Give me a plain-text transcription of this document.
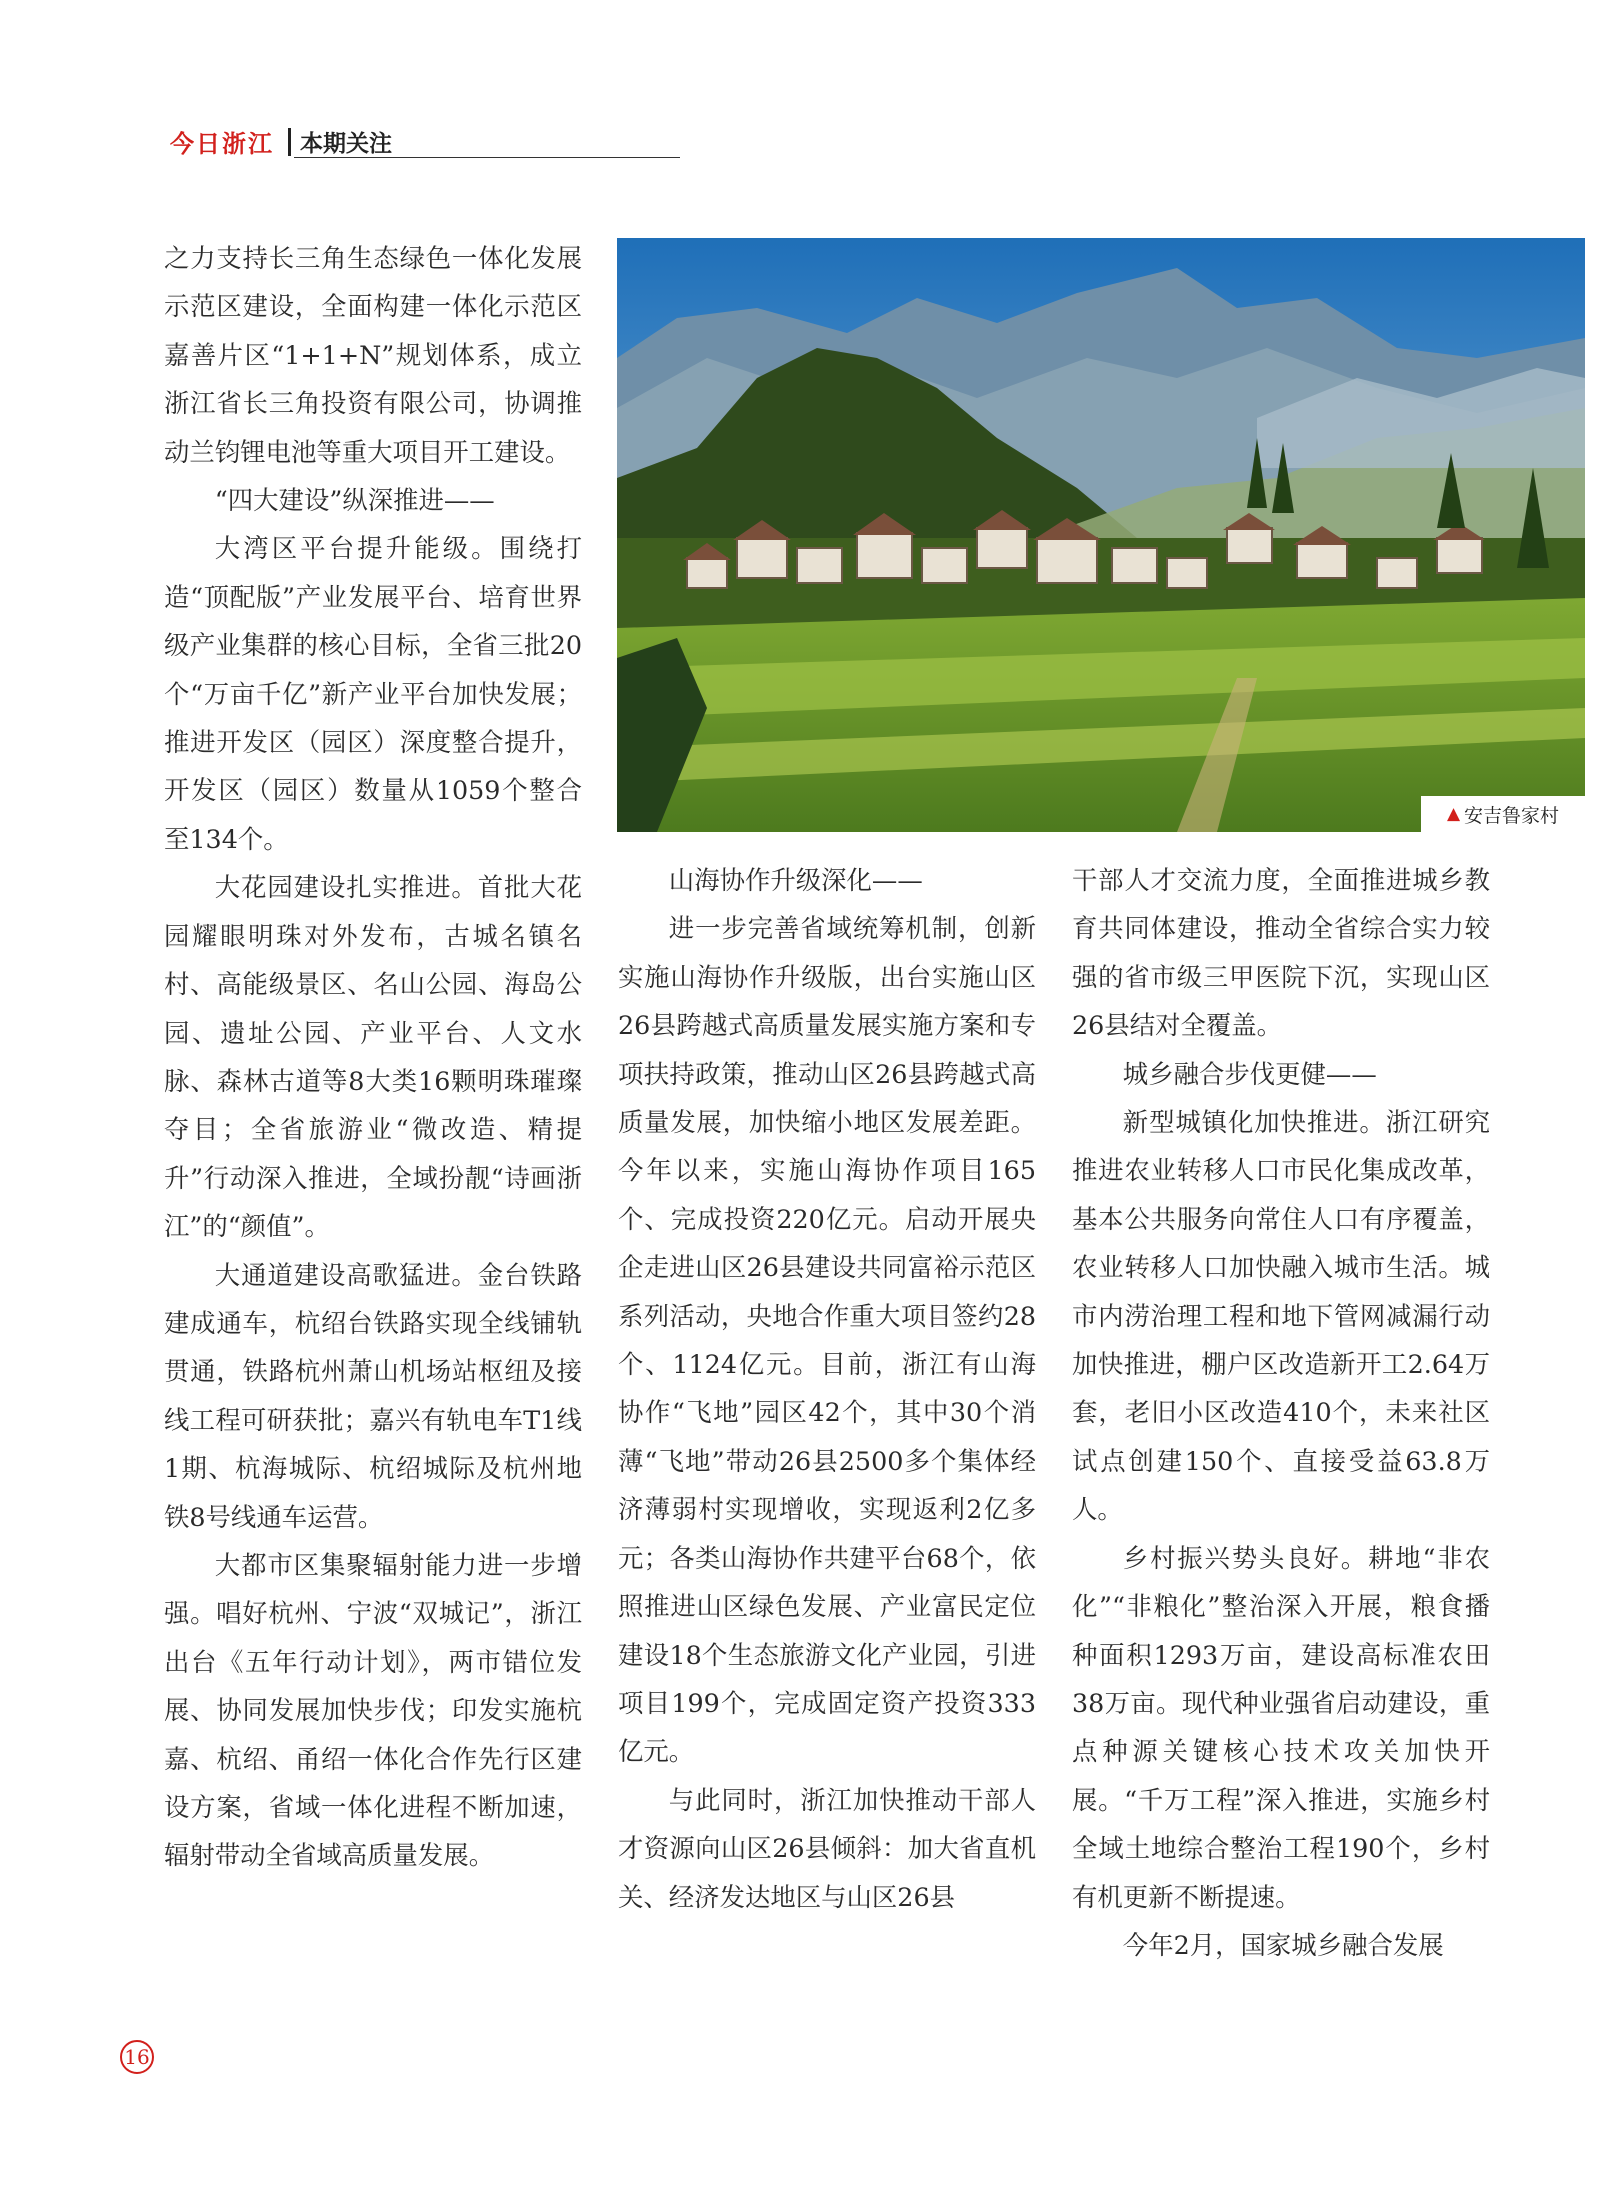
今日浙江 本期关注

之力支持长三角生态绿色一体化发展示范区建设，全面构建一体化示范区嘉善片区“1+1+N”规划体系，成立浙江省长三角投资有限公司，协调推动兰钧锂电池等重大项目开工建设。

“四大建设”纵深推进——

大湾区平台提升能级。围绕打造“顶配版”产业发展平台、培育世界级产业集群的核心目标，全省三批20个“万亩千亿”新产业平台加快发展；推进开发区（园区）深度整合提升，开发区（园区）数量从1059个整合至134个。

大花园建设扎实推进。首批大花园耀眼明珠对外发布，古城名镇名村、高能级景区、名山公园、海岛公园、遗址公园、产业平台、人文水脉、森林古道等8大类16颗明珠璀璨夺目；全省旅游业“微改造、精提升”行动深入推进，全域扮靓“诗画浙江”的“颜值”。

大通道建设高歌猛进。金台铁路建成通车，杭绍台铁路实现全线铺轨贯通，铁路杭州萧山机场站枢纽及接线工程可研获批；嘉兴有轨电车T1线1期、杭海城际、杭绍城际及杭州地铁8号线通车运营。

大都市区集聚辐射能力进一步增强。唱好杭州、宁波“双城记”，浙江出台《五年行动计划》，两市错位发展、协同发展加快步伐；印发实施杭嘉、杭绍、甬绍一体化合作先行区建设方案，省域一体化进程不断加速，辐射带动全省域高质量发展。

▲ 安吉鲁家村

山海协作升级深化——

进一步完善省域统筹机制，创新实施山海协作升级版，出台实施山区26县跨越式高质量发展实施方案和专项扶持政策，推动山区26县跨越式高质量发展，加快缩小地区发展差距。今年以来，实施山海协作项目165个、完成投资220亿元。启动开展央企走进山区26县建设共同富裕示范区系列活动，央地合作重大项目签约28个、1124亿元。目前，浙江有山海协作“飞地”园区42个，其中30个消薄“飞地”带动26县2500多个集体经济薄弱村实现增收，实现返利2亿多元；各类山海协作共建平台68个，依照推进山区绿色发展、产业富民定位建设18个生态旅游文化产业园，引进项目199个，完成固定资产投资333亿元。

与此同时，浙江加快推动干部人才资源向山区26县倾斜：加大省直机关、经济发达地区与山区26县

干部人才交流力度，全面推进城乡教育共同体建设，推动全省综合实力较强的省市级三甲医院下沉，实现山区26县结对全覆盖。

城乡融合步伐更健——

新型城镇化加快推进。浙江研究推进农业转移人口市民化集成改革，基本公共服务向常住人口有序覆盖，农业转移人口加快融入城市生活。城市内涝治理工程和地下管网减漏行动加快推进，棚户区改造新开工2.64万套，老旧小区改造410个，未来社区试点创建150个、直接受益63.8万人。

乡村振兴势头良好。耕地“非农化”“非粮化”整治深入开展，粮食播种面积1293万亩，建设高标准农田38万亩。现代种业强省启动建设，重点种源关键核心技术攻关加快开展。“千万工程”深入推进，实施乡村全域土地综合整治工程190个，乡村有机更新不断提速。

今年2月，国家城乡融合发展

16
